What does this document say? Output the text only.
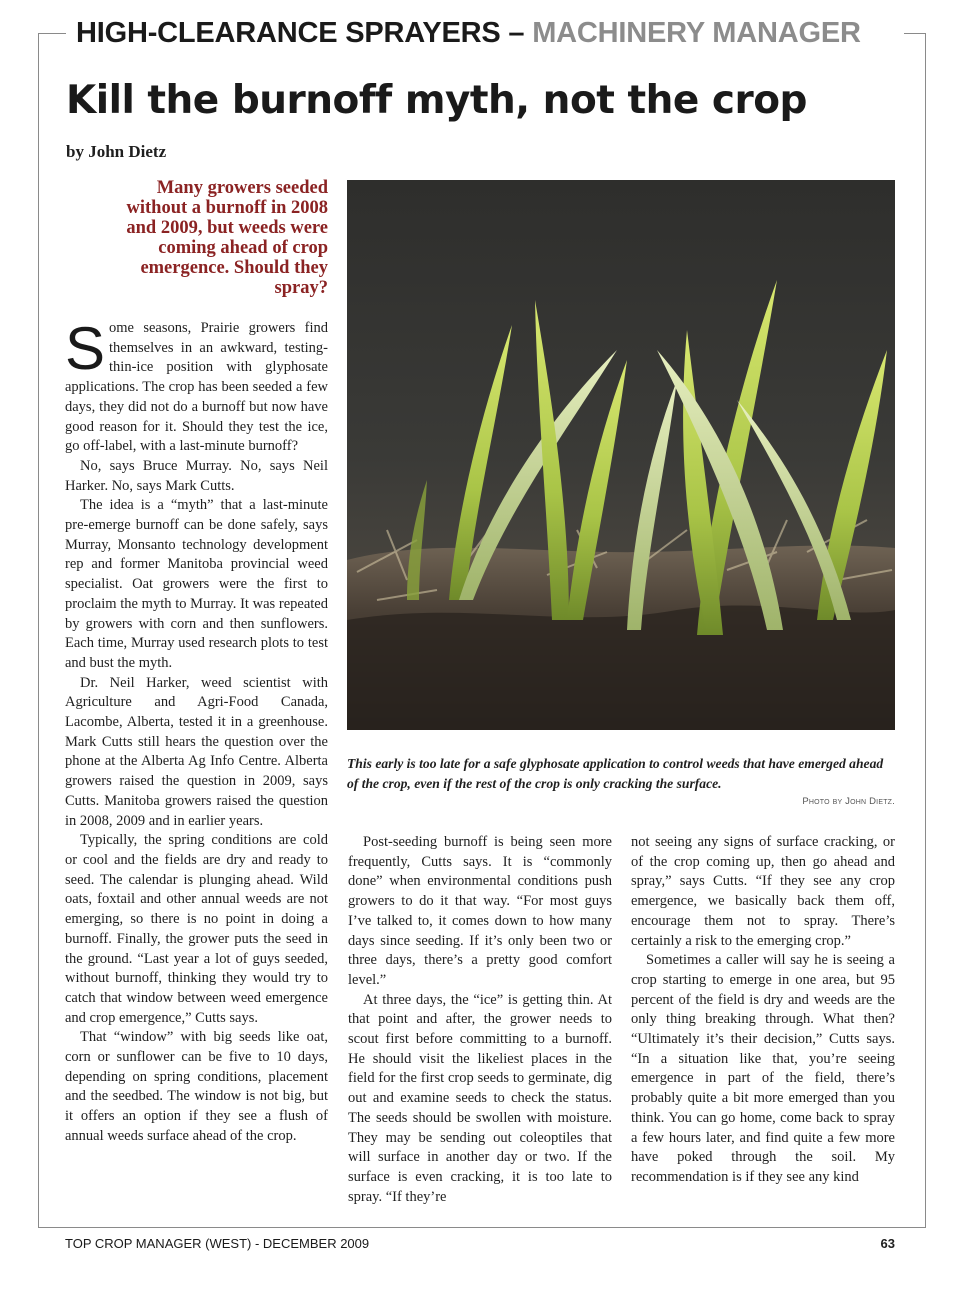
HIGH-CLEARANCE SPRAYERS – MACHINERY MANAGER
Kill the burnoff myth, not the crop
by John Dietz

Many growers seeded without a burnoff in 2008 and 2009, but weeds were coming ahead of crop emergence. Should they spray?

Some seasons, Prairie growers find themselves in an awkward, testing-thin-ice position with glyphosate applications. The crop has been seeded a few days, they did not do a burnoff but now have good reason for it. Should they test the ice, go off-label, with a last-minute burnoff?

No, says Bruce Murray. No, says Neil Harker. No, says Mark Cutts.

The idea is a “myth” that a last-minute pre-emerge burnoff can be done safely, says Murray, Monsanto technology development rep and former Manitoba provincial weed specialist. Oat growers were the first to proclaim the myth to Murray. It was repeated by growers with corn and then sunflowers. Each time, Murray used research plots to test and bust the myth.

Dr. Neil Harker, weed scientist with Agriculture and Agri-Food Canada, Lacombe, Alberta, tested it in a greenhouse. Mark Cutts still hears the question over the phone at the Alberta Ag Info Centre. Alberta growers raised the question in 2009, says Cutts. Manitoba growers raised the question in 2008, 2009 and in earlier years.

Typically, the spring conditions are cold or cool and the fields are dry and ready to seed. The calendar is plunging ahead. Wild oats, foxtail and other annual weeds are not emerging, so there is no point in doing a burnoff. Finally, the grower puts the seed in the ground. “Last year a lot of guys seeded, without burnoff, thinking they would try to catch that window between weed emergence and crop emergence,” Cutts says.

That “window” with big seeds like oat, corn or sunflower can be five to 10 days, depending on spring conditions, placement and the seedbed. The window is not big, but it offers an option if they see a flush of annual weeds surface ahead of the crop.

This early is too late for a safe glyphosate application to control weeds that have emerged ahead of the crop, even if the rest of the crop is only cracking the surface.

Photo by John Dietz.

Post-seeding burnoff is being seen more frequently, Cutts says. It is “commonly done” when environmental conditions push growers to do it that way. “For most guys I’ve talked to, it comes down to how many days since seeding. If it’s only been two or three days, there’s a pretty good comfort level.”

At three days, the “ice” is getting thin. At that point and after, the grower needs to scout first before committing to a burnoff. He should visit the likeliest places in the field for the first crop seeds to germinate, dig out and examine seeds to check the status. The seeds should be swollen with moisture. They may be sending out coleoptiles that will surface in another day or two. If the surface is even cracking, it is too late to spray. “If they’re

not seeing any signs of surface cracking, or of the crop coming up, then go ahead and spray,” says Cutts. “If they see any crop emergence, we basically back them off, encourage them not to spray. There’s certainly a risk to the emerging crop.”

Sometimes a caller will say he is seeing a crop starting to emerge in one area, but 95 percent of the field is dry and weeds are the only thing breaking through. What then? “Ultimately it’s their decision,” Cutts says. “In a situation like that, you’re seeing emergence in part of the field, there’s probably quite a bit more emerged than you think. You can go home, come back to spray a few hours later, and find quite a few more have poked through the soil. My recommendation is if they see any kind

TOP CROP MANAGER (WEST) - DECEMBER 2009	63
